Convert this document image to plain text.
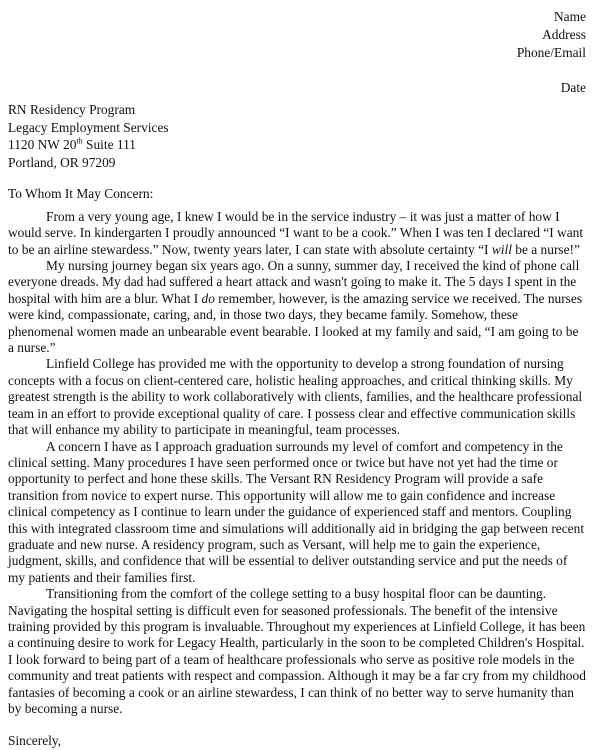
Name
Address
Phone/Email
Date
RN Residency Program
Legacy Employment Services
1120 NW 20th Suite 111
Portland, OR 97209
To Whom It May Concern:

From a very young age, I knew I would be in the service industry – it was just a matter of how I would serve. In kindergarten I proudly announced “I want to be a cook.” When I was ten I declared “I want to be an airline stewardess.” Now, twenty years later, I can state with absolute certainty “I will be a nurse!”

My nursing journey began six years ago. On a sunny, summer day, I received the kind of phone call everyone dreads. My dad had suffered a heart attack and wasn't going to make it. The 5 days I spent in the hospital with him are a blur. What I do remember, however, is the amazing service we received. The nurses were kind, compassionate, caring, and, in those two days, they became family. Somehow, these phenomenal women made an unbearable event bearable. I looked at my family and said, “I am going to be a nurse.”

Linfield College has provided me with the opportunity to develop a strong foundation of nursing concepts with a focus on client-centered care, holistic healing approaches, and critical thinking skills. My greatest strength is the ability to work collaboratively with clients, families, and the healthcare professional team in an effort to provide exceptional quality of care. I possess clear and effective communication skills that will enhance my ability to participate in meaningful, team processes.

A concern I have as I approach graduation surrounds my level of comfort and competency in the clinical setting. Many procedures I have seen performed once or twice but have not yet had the time or opportunity to perfect and hone these skills. The Versant RN Residency Program will provide a safe transition from novice to expert nurse. This opportunity will allow me to gain confidence and increase clinical competency as I continue to learn under the guidance of experienced staff and mentors. Coupling this with integrated classroom time and simulations will additionally aid in bridging the gap between recent graduate and new nurse. A residency program, such as Versant, will help me to gain the experience, judgment, skills, and confidence that will be essential to deliver outstanding service and put the needs of my patients and their families first.

Transitioning from the comfort of the college setting to a busy hospital floor can be daunting. Navigating the hospital setting is difficult even for seasoned professionals. The benefit of the intensive training provided by this program is invaluable. Throughout my experiences at Linfield College, it has been a continuing desire to work for Legacy Health, particularly in the soon to be completed Children's Hospital. I look forward to being part of a team of healthcare professionals who serve as positive role models in the community and treat patients with respect and compassion. Although it may be a far cry from my childhood fantasies of becoming a cook or an airline stewardess, I can think of no better way to serve humanity than by becoming a nurse.

Sincerely,
